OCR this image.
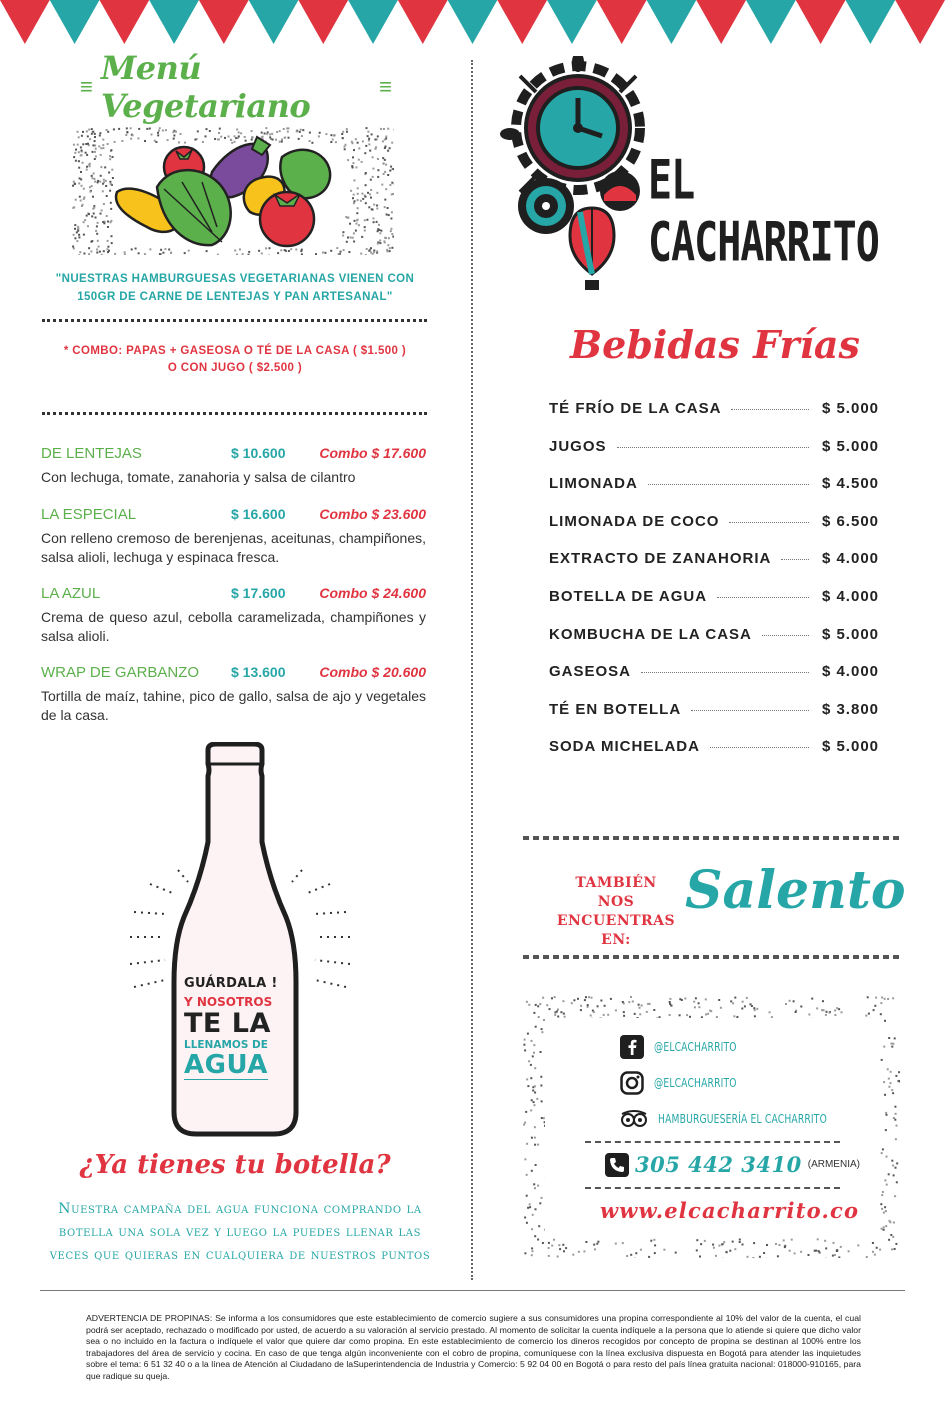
≡ Menú Vegetariano
≡
"NUESTRAS HAMBURGUESAS VEGETARIANAS VIENEN CON 150GR DE CARNE DE LENTEJAS Y PAN ARTESANAL"
* COMBO: PAPAS + GASEOSA O TÉ DE LA CASA ( $1.500 )
O CON JUGO ( $2.500 )
DE LENTEJAS	$ 10.600	Combo $ 17.600
Con lechuga, tomate, zanahoria y salsa de cilantro
LA ESPECIAL	$ 16.600	Combo $ 23.600
Con relleno cremoso de berenjenas, aceitunas, champiñones, salsa alioli, lechuga y espinaca fresca.
LA AZUL	$ 17.600	Combo $ 24.600
Crema de queso azul, cebolla caramelizada, champiñones y salsa alioli.
WRAP DE GARBANZO	$ 13.600	Combo $ 20.600
Tortilla de maíz, tahine, pico de gallo, salsa de ajo y vegetales de la casa.
GUÁRDALA !
Y NOSOTROS
TE LA
LLENAMOS DE
AGUA
¿Ya tienes tu botella?
Nuestra campaña del agua funciona comprando la botella una sola vez y luego la puedes llenar las veces que quieras en cualquiera de nuestros puntos
EL CACHARRITO
Bebidas Frías
TÉ FRÍO DE LA CASA	$ 5.000
JUGOS	$ 5.000
LIMONADA	$ 4.500
LIMONADA DE COCO	$ 6.500
EXTRACTO DE ZANAHORIA	$ 4.000
BOTELLA DE AGUA	$ 4.000
KOMBUCHA DE LA CASA	$ 5.000
GASEOSA	$ 4.000
TÉ EN BOTELLA	$ 3.800
SODA MICHELADA	$ 5.000
TAMBIÉN NOS
ENCUENTRAS EN:
Salento
@ELCACHARRITO
@ELCACHARRITO
HAMBURGUESERÍA EL CACHARRITO
305 442 3410 (ARMENIA)
www.elcacharrito.co
ADVERTENCIA DE PROPINAS: Se informa a los consumidores que este establecimiento de comercio sugiere a sus consumidores una propina correspondiente al 10% del valor de la cuenta, el cual podrá ser aceptado, rechazado o modificado por usted, de acuerdo a su valoración al servicio prestado. Al momento de solicitar la cuenta indíquele a la persona que lo atiende si quiere que dicho valor sea o no incluido en la factura o indíquele el valor que quiere dar como propina. En este establecimiento de comercio los dineros recogidos por concepto de propina se destinan al 100% entre los trabajadores del área de servicio y cocina. En caso de que tenga algún inconveniente con el cobro de propina, comuníquese con la línea exclusiva dispuesta en Bogotá para atender las inquietudes sobre el tema: 6 51 32 40 o a la línea de Atención al Ciudadano de laSuperintendencia de Industria y Comercio: 5 92 04 00 en Bogotá o para resto del país línea gratuita nacional: 018000-910165, para que radique su queja.
